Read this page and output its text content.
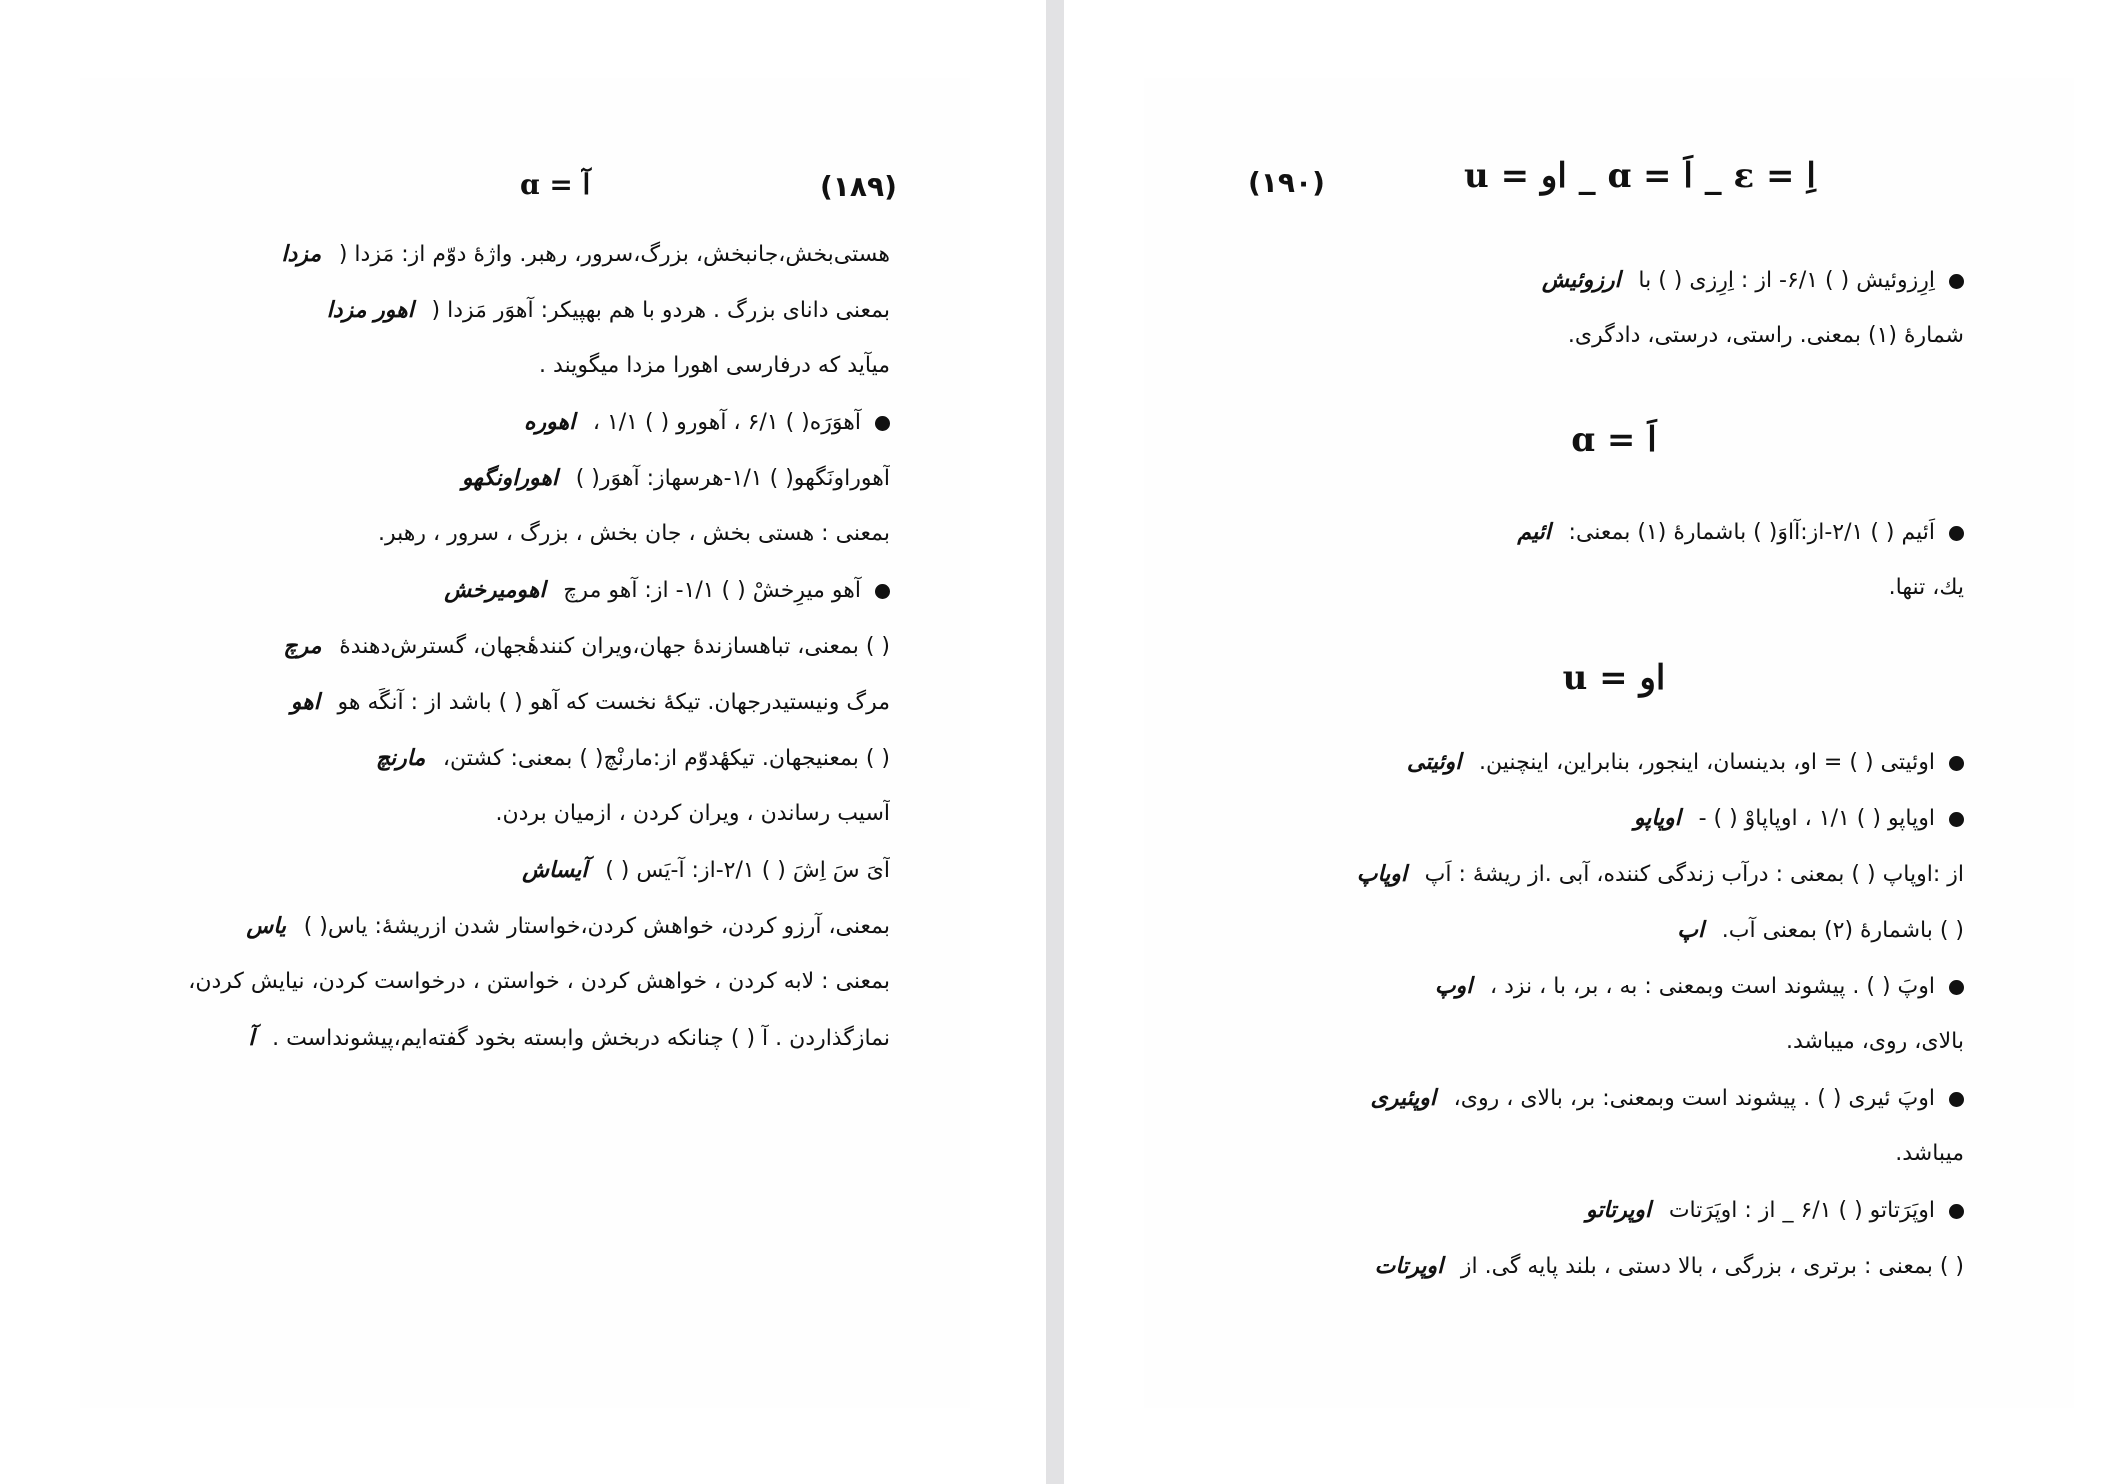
(۱۸۹)
آ = ɑ
هستی‌بخش،جانبخش، بزرگ،سرور، رهبر. واژهٔ دوّم از: مَزدا ( مزدا
بمعنی دانای بزرگ . هردو با هم بهپیکر: آهوَر مَزدا ( اهور مزدا
میآید که درفارسی اهورا مزدا میگویند .
آهوَرَه( ) ۶/۱ ، آهورو ( ) ۱/۱ ، اهوره
آهوراونَگهو( ) ۱/۱-هرسهاز: آهوَر( ) اهوراونگهو
بمعنی : هستی بخش ، جان بخش ، بزرگ ، سرور ، رهبر.
آهو میرِخشْ ( ) ۱/۱- از: آهو مرچ اهومیرخش
( ) بمعنی، تباهسازندهٔ جهان،ویران کنندهٔجهان، گسترش‌دهندهٔ مرچ
مرگ ونیستیدرجهان. تیکهٔ نخست که آهو ( ) باشد از : آنگَه هو اهو
( ) بمعنیجهان. تیکهٔدوّم از:مارنْچ( ) بمعنی: کشتن، مارنچ
آسیب رساندن ، ویران کردن ، ازمیان بردن.
آیَ سَ اِشَ ( ) ۲/۱-از: آ-یَس ( ) آیساش
بمعنی، آرزو کردن، خواهش کردن،خواستار شدن ازریشهٔ: یاس( ) یاس
بمعنی : لابه کردن ، خواهش کردن ، خواستن ، درخواست کردن، نیایش کردن،
نمازگذاردن . آ ( ) چنانکه دربخش وابسته بخود گفته‌ایم،پیشونداست . آ
(۱۹۰)	اِ = ɛ _ اَ = ɑ _ او = u
اِرِزوئیش ( ) ۶/۱- از : اِرِزی ( ) با ارزوئیش
شمارهٔ (۱) بمعنی. راستی، درستی، دادگری.
اَ = ɑ
اَئیم ( ) ۲/۱-از:آاوَ( ) باشمارهٔ (۱) بمعنی: ائیم
یك، تنها.
او = u
اوئیتی ( ) = او، بدینسان، اینجور، بنابراین، اینچنین. اوئیتی
اوپاپو ( ) ۱/۱ ، اوپاپاوْ ( ) - اوپاپو
از :اوپاپ ( ) بمعنی : درآب زندگی کننده، آبی .از ریشهٔ : اَپ اوپاپ
( ) باشمارهٔ (۲) بمعنی آب. اپ
اوپَ ( ) . پیشوند است وبمعنی : به ، بر، با ، نزد ، اوپ
بالای، روی، میباشد.
اوپَ ئیری ( ) . پیشوند است وبمعنی: بر، بالای ، روی، اوپئیری
میباشد.
اوپَرَتاتو ( ) ۶/۱ _ از : اوپَرَتات اوپرتاتو
( ) بمعنی : برتری ، بزرگی ، بالا دستی ، بلند پایه گی. از اوپرتات
